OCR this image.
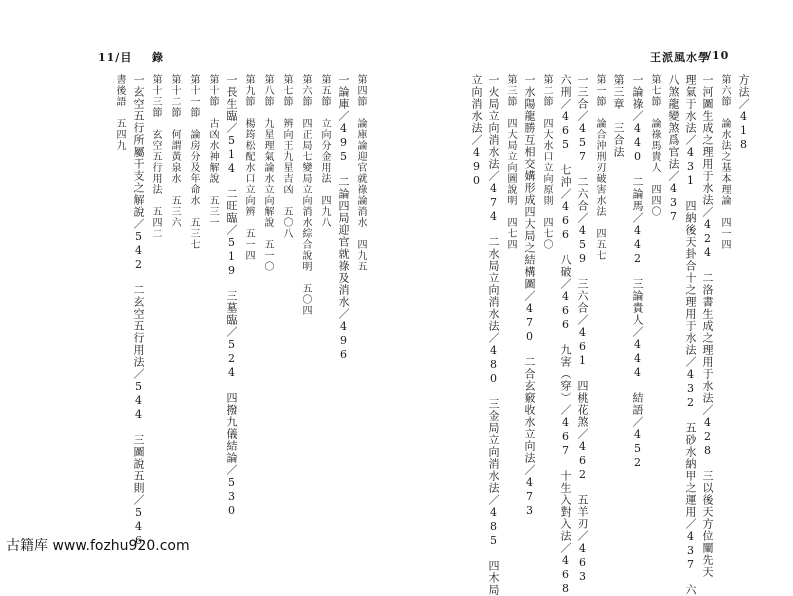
11/目 錄	王派風水學
/10
方法／418
第六節　論水法之基本理論　四一四
一河圖生成之理用于水法／424　二洛書生成之理用于水法／428　三以後天方位闡先天
理氣于水法／431　四納後天卦合十之理用于水法／432　五砂水納甲之運用／437　六
八煞龍變煞爲官法／437
第七節　論祿馬貴人　四四〇
一論祿／440　二論馬／442　三論貴人／444　結語／452
第三章　三合法
第一節　論合沖刑刃破害水法　四五七
一三合／457　二六合／459　三六合／461　四桃花煞／462　五羊刃／463
六刑／465　七沖／466　八破／466　九害（穿）／467　十生入對入法／468
第二節　四大水口立向原則　四七〇
一水陽龍勝互相交媾形成四大局之結構圖／470　二合玄竅收水立向法／473
第三節　四大局立向圖說明　四七四
一火局立向消水法／474　二水局立向消水法／480　三金局立向消水法／485　四木局
立向消水法／490
第四節　論庫論迎官就祿論消水　四九五
一論庫／495　二論四局迎官就祿及消水／496
第五節　立向分金用法　四九八
第六節　四正局七變局立向消水綜合說明　五〇四
第七節　辨向王九星吉凶　五〇八
第八節　九星理氣論水立向解說　五一〇
第九節　楊筠松配水口立向辨　五一四
一長生臨／514　二旺臨／519　三墓臨／524　四撥九儀結論／530
第十節　古凶水神解說　五三一
第十一節　論房分及年命水　五三七
第十二節　何謂黃泉水　五三六
第十三節　玄空五行用法　五四二
一玄空五行所屬干支之解說／542　二玄空五行用法／544　三圖說五則／546
書後語　五四九
古籍库 www.fozhu920.com
